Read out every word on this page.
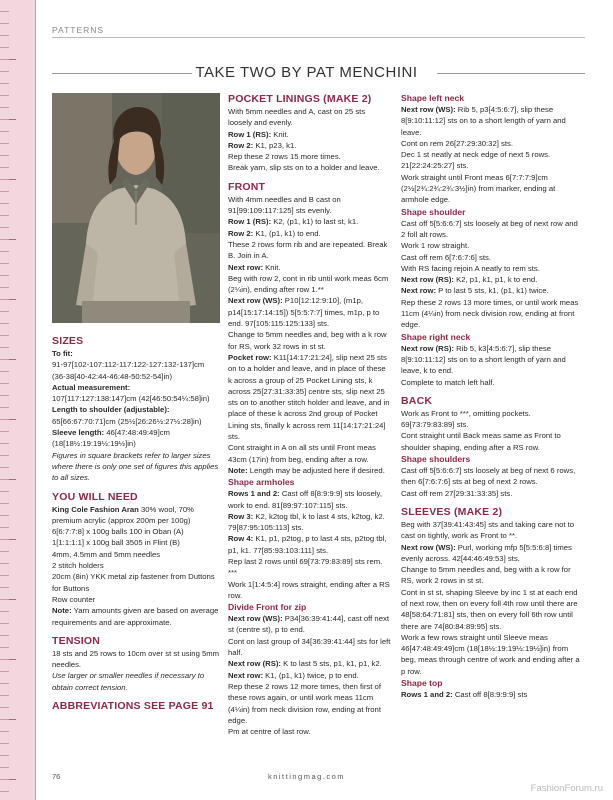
PATTERNS
TAKE TWO BY PAT MENCHINI

SIZES

To fit:

91-97[102-107:112-117:122-127:132-137]cm (36-38[40-42:44-46:48-50:52-54]in)

Actual measurement:

107[117:127:138:147]cm (42[46:50:54¼:58]in)

Length to shoulder (adjustable):

65[66:67:70:71]cm (25½[26:26½:27½:28]in)

Sleeve length: 46[47:48:49:49]cm (18[18½:19:19½:19½]in)

Figures in square brackets refer to larger sizes where there is only one set of figures this applies to all sizes.

YOU WILL NEED

King Cole Fashion Aran 30% wool, 70% premium acrylic (approx 200m per 100g)

6[6:7:7:8] x 100g balls 100 in Oban (A)

1[1:1:1:1] x 100g ball 3505 in Flint (B)

4mm, 4.5mm and 5mm needles

2 stitch holders

20cm (8in) YKK metal zip fastener from Duttons for Buttons

Row counter

Note: Yarn amounts given are based on average requirements and are approximate.

TENSION

18 sts and 25 rows to 10cm over st st using 5mm needles.

Use larger or smaller needles if necessary to obtain correct tension.

ABBREVIATIONS SEE PAGE 91

POCKET LININGS (MAKE 2)

With 5mm needles and A, cast on 25 sts loosely and evenly.

Row 1 (RS): Knit.

Row 2: K1, p23, k1.

Rep these 2 rows 15 more times.

Break yarn, slip sts on to a holder and leave.

FRONT

With 4mm needles and B cast on 91[99:109:117:125] sts evenly.

Row 1 (RS): K2, (p1, k1) to last st, k1.

Row 2: K1, (p1, k1) to end.

These 2 rows form rib and are repeated. Break B. Join in A.

Next row: Knit.

Beg with row 2, cont in rib until work meas 6cm (2¼in), ending after row 1.**

Next row (WS): P10[12:12:9:10], (m1p, p14[15:17:14:15]) 5[5:5:7:7] times, m1p, p to end. 97[105:115:125:133] sts.

Change to 5mm needles and, beg with a k row for RS, work 32 rows in st st.

Pocket row: K11[14:17:21:24], slip next 25 sts on to a holder and leave, and in place of these k across a group of 25 Pocket Lining sts, k across 25[27:31:33:35] centre sts, slip next 25 sts on to another stitch holder and leave, and in place of these k across 2nd group of Pocket Lining sts, finally k across rem 11[14:17:21:24] sts.

Cont straight in A on all sts until Front meas 43cm (17in) from beg, ending after a row.

Note: Length may be adjusted here if desired.

Shape armholes

Rows 1 and 2: Cast off 8[8:9:9:9] sts loosely, work to end. 81[89:97:107:115] sts.

Row 3: K2, k2tog tbl, k to last 4 sts, k2tog, k2. 79[87:95:105:113] sts.

Row 4: K1, p1, p2tog, p to last 4 sts, p2tog tbl, p1, k1. 77[85:93:103:111] sts.

Rep last 2 rows until 69[73:79:83:89] sts rem. ***

Work 1[1:4:5:4] rows straight, ending after a RS row.

Divide Front for zip

Next row (WS): P34[36:39:41:44], cast off next st (centre st), p to end.

Cont on last group of 34[36:39:41:44] sts for left half.

Next row (RS): K to last 5 sts, p1, k1, p1, k2.

Next row: K1, (p1, k1) twice, p to end.

Rep these 2 rows 12 more times, then first of these rows again, or until work meas 11cm (4¼in) from neck division row, ending at front edge.

Pm at centre of last row.

Shape left neck

Next row (WS): Rib 5, p3[4:5:6:7], slip these 8[9:10:11:12] sts on to a short length of yarn and leave.

Cont on rem 26[27:29:30:32] sts.

Dec 1 st neatly at neck edge of next 5 rows. 21[22:24:25:27] sts.

Work straight until Front meas 6[7:7:7:9]cm (2½[2¾:2¾:2¾:3½]in) from marker, ending at armhole edge.

Shape shoulder

Cast off 5[5:6:6:7] sts loosely at beg of next row and 2 foll alt rows.

Work 1 row straight.

Cast off rem 6[7:6:7:6] sts.

With RS facing rejoin A neatly to rem sts.

Next row (RS): K2, p1, k1, p1, k to end.

Next row: P to last 5 sts, k1, (p1, k1) twice.

Rep these 2 rows 13 more times, or until work meas 11cm (4¼in) from neck division row, ending at front edge.

Shape right neck

Next row (RS): Rib 5, k3[4:5:6:7], slip these 8[9:10:11:12] sts on to a short length of yarn and leave, k to end.

Complete to match left half.

BACK

Work as Front to ***, omitting pockets. 69[73:79:83:89] sts.

Cont straight until Back meas same as Front to shoulder shaping, ending after a RS row.

Shape shoulders

Cast off 5[5:6:6:7] sts loosely at beg of next 6 rows, then 6[7:6:7:6] sts at beg of next 2 rows.

Cast off rem 27[29:31:33:35] sts.

SLEEVES (MAKE 2)

Beg with 37[39:41:43:45] sts and taking care not to cast on tightly, work as Front to **.

Next row (WS): Purl, working mfp 5[5:5:6:8] times evenly across. 42[44:46:49:53] sts.

Change to 5mm needles and, beg with a k row for RS, work 2 rows in st st.

Cont in st st, shaping Sleeve by inc 1 st at each end of next row, then on every foll 4th row until there are 48[58:64:71:81] sts, then on every foll 6th row until there are 74[80:84:89:95] sts.

Work a few rows straight until Sleeve meas 46[47:48:49:49]cm (18[18½:19:19½:19½]in) from beg, meas through centre of work and ending after a p row.

Shape top

Rows 1 and 2: Cast off 8[8:9:9:9] sts

76	knittingmag.com
FashionForum.ru
